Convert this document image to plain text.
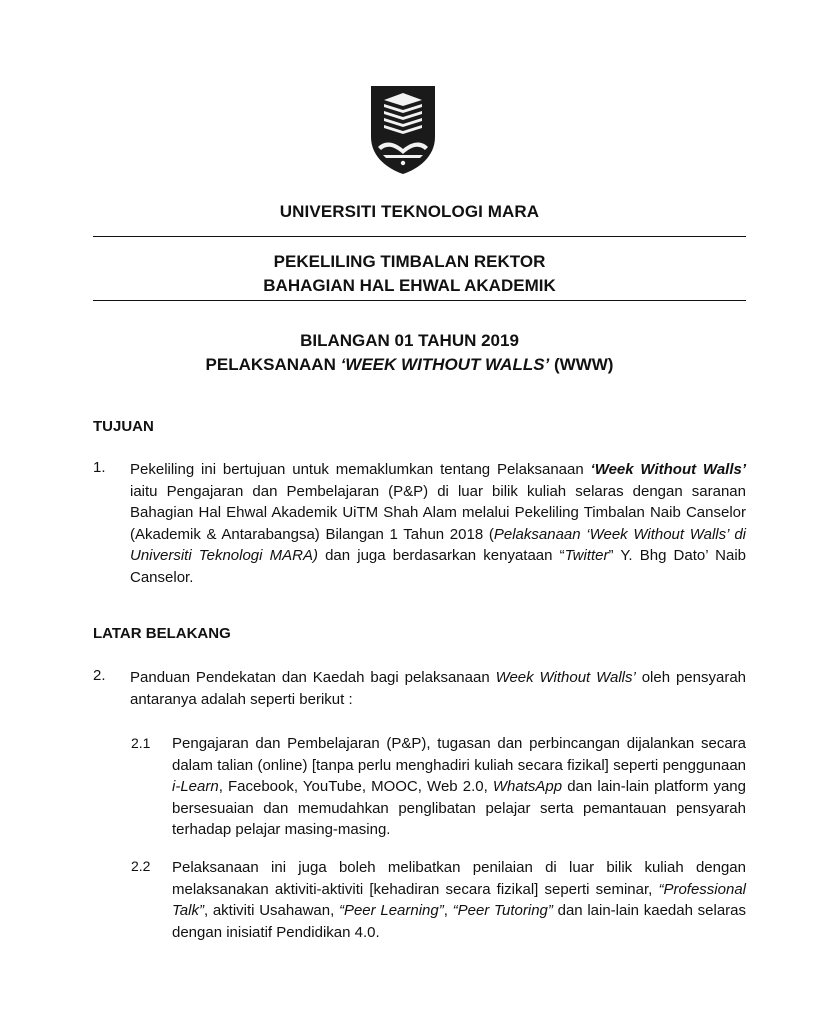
UNIVERSITI TEKNOLOGI MARA
PEKELILING TIMBALAN REKTOR
BAHAGIAN HAL EHWAL AKADEMIK
BILANGAN 01 TAHUN 2019
PELAKSANAAN ‘WEEK WITHOUT WALLS’ (WWW)
TUJUAN
1. Pekeliling ini bertujuan untuk memaklumkan tentang Pelaksanaan ‘Week Without Walls’ iaitu Pengajaran dan Pembelajaran (P&P) di luar bilik kuliah selaras dengan saranan Bahagian Hal Ehwal Akademik UiTM Shah Alam melalui Pekeliling Timbalan Naib Canselor (Akademik & Antarabangsa) Bilangan 1 Tahun 2018 (Pelaksanaan ‘Week Without Walls’ di Universiti Teknologi MARA) dan juga berdasarkan kenyataan “Twitter” Y. Bhg Dato’ Naib Canselor.
LATAR BELAKANG
2. Panduan Pendekatan dan Kaedah bagi pelaksanaan Week Without Walls’ oleh pensyarah antaranya adalah seperti berikut :
2.1 Pengajaran dan Pembelajaran (P&P), tugasan dan perbincangan dijalankan secara dalam talian (online) [tanpa perlu menghadiri kuliah secara fizikal] seperti penggunaan i-Learn, Facebook, YouTube, MOOC, Web 2.0, WhatsApp dan lain-lain platform yang bersesuaian dan memudahkan penglibatan pelajar serta pemantauan pensyarah terhadap pelajar masing-masing.
2.2 Pelaksanaan ini juga boleh melibatkan penilaian di luar bilik kuliah dengan melaksanakan aktiviti-aktiviti [kehadiran secara fizikal] seperti seminar, “Professional Talk”, aktiviti Usahawan, “Peer Learning”, “Peer Tutoring” dan lain-lain kaedah selaras dengan inisiatif Pendidikan 4.0.
